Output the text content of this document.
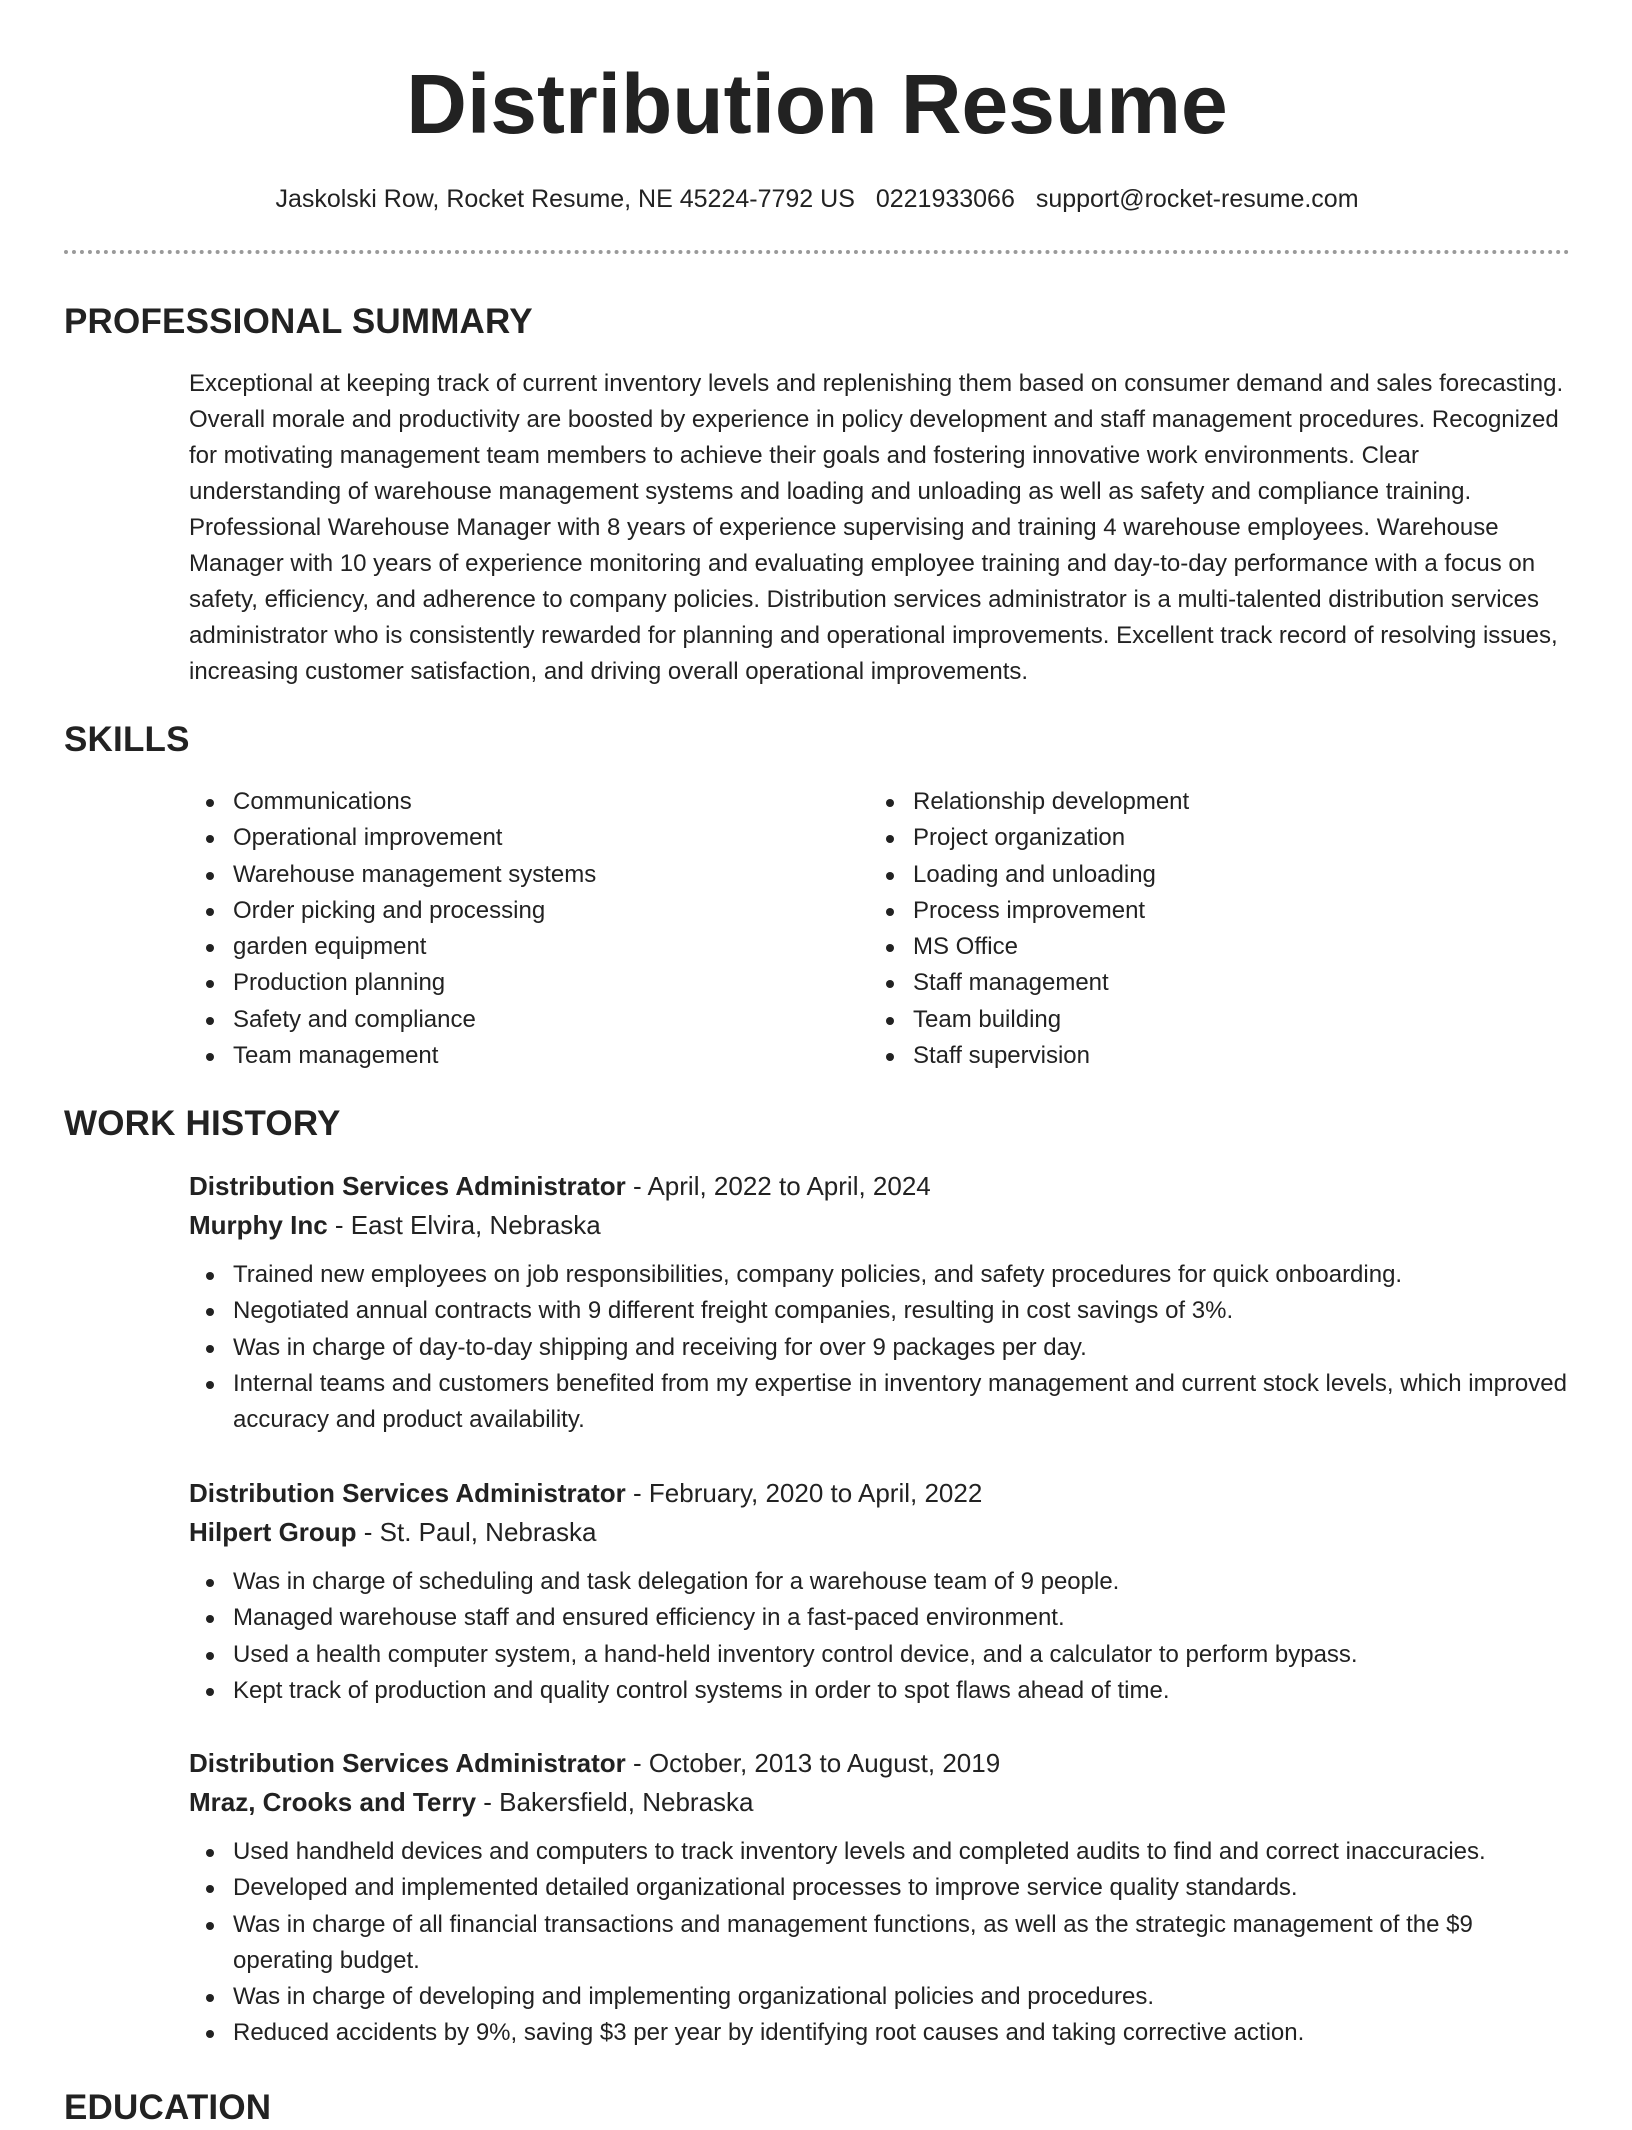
Distribution Resume
Jaskolski Row, Rocket Resume, NE 45224-7792 US 0221933066 support@rocket-resume.com
PROFESSIONAL SUMMARY

Exceptional at keeping track of current inventory levels and replenishing them based on consumer demand and sales forecasting. Overall morale and productivity are boosted by experience in policy development and staff management procedures. Recognized for motivating management team members to achieve their goals and fostering innovative work environments. Clear understanding of warehouse management systems and loading and unloading as well as safety and compliance training. Professional Warehouse Manager with 8 years of experience supervising and training 4 warehouse employees. Warehouse Manager with 10 years of experience monitoring and evaluating employee training and day-to-day performance with a focus on safety, efficiency, and adherence to company policies. Distribution services administrator is a multi-talented distribution services administrator who is consistently rewarded for planning and operational improvements. Excellent track record of resolving issues, increasing customer satisfaction, and driving overall operational improvements.

SKILLS
Communications
Operational improvement
Warehouse management systems
Order picking and processing
garden equipment
Production planning
Safety and compliance
Team management
Relationship development
Project organization
Loading and unloading
Process improvement
MS Office
Staff management
Team building
Staff supervision
WORK HISTORY

Distribution Services Administrator - April, 2022 to April, 2024

Murphy Inc - East Elvira, Nebraska

Trained new employees on job responsibilities, company policies, and safety procedures for quick onboarding.
Negotiated annual contracts with 9 different freight companies, resulting in cost savings of 3%.
Was in charge of day-to-day shipping and receiving for over 9 packages per day.
Internal teams and customers benefited from my expertise in inventory management and current stock levels, which improved accuracy and product availability.

Distribution Services Administrator - February, 2020 to April, 2022

Hilpert Group - St. Paul, Nebraska

Was in charge of scheduling and task delegation for a warehouse team of 9 people.
Managed warehouse staff and ensured efficiency in a fast-paced environment.
Used a health computer system, a hand-held inventory control device, and a calculator to perform bypass.
Kept track of production and quality control systems in order to spot flaws ahead of time.

Distribution Services Administrator - October, 2013 to August, 2019

Mraz, Crooks and Terry - Bakersfield, Nebraska

Used handheld devices and computers to track inventory levels and completed audits to find and correct inaccuracies.
Developed and implemented detailed organizational processes to improve service quality standards.
Was in charge of all financial transactions and management functions, as well as the strategic management of the $9 operating budget.
Was in charge of developing and implementing organizational policies and procedures.
Reduced accidents by 9%, saving $3 per year by identifying root causes and taking corrective action.
EDUCATION
